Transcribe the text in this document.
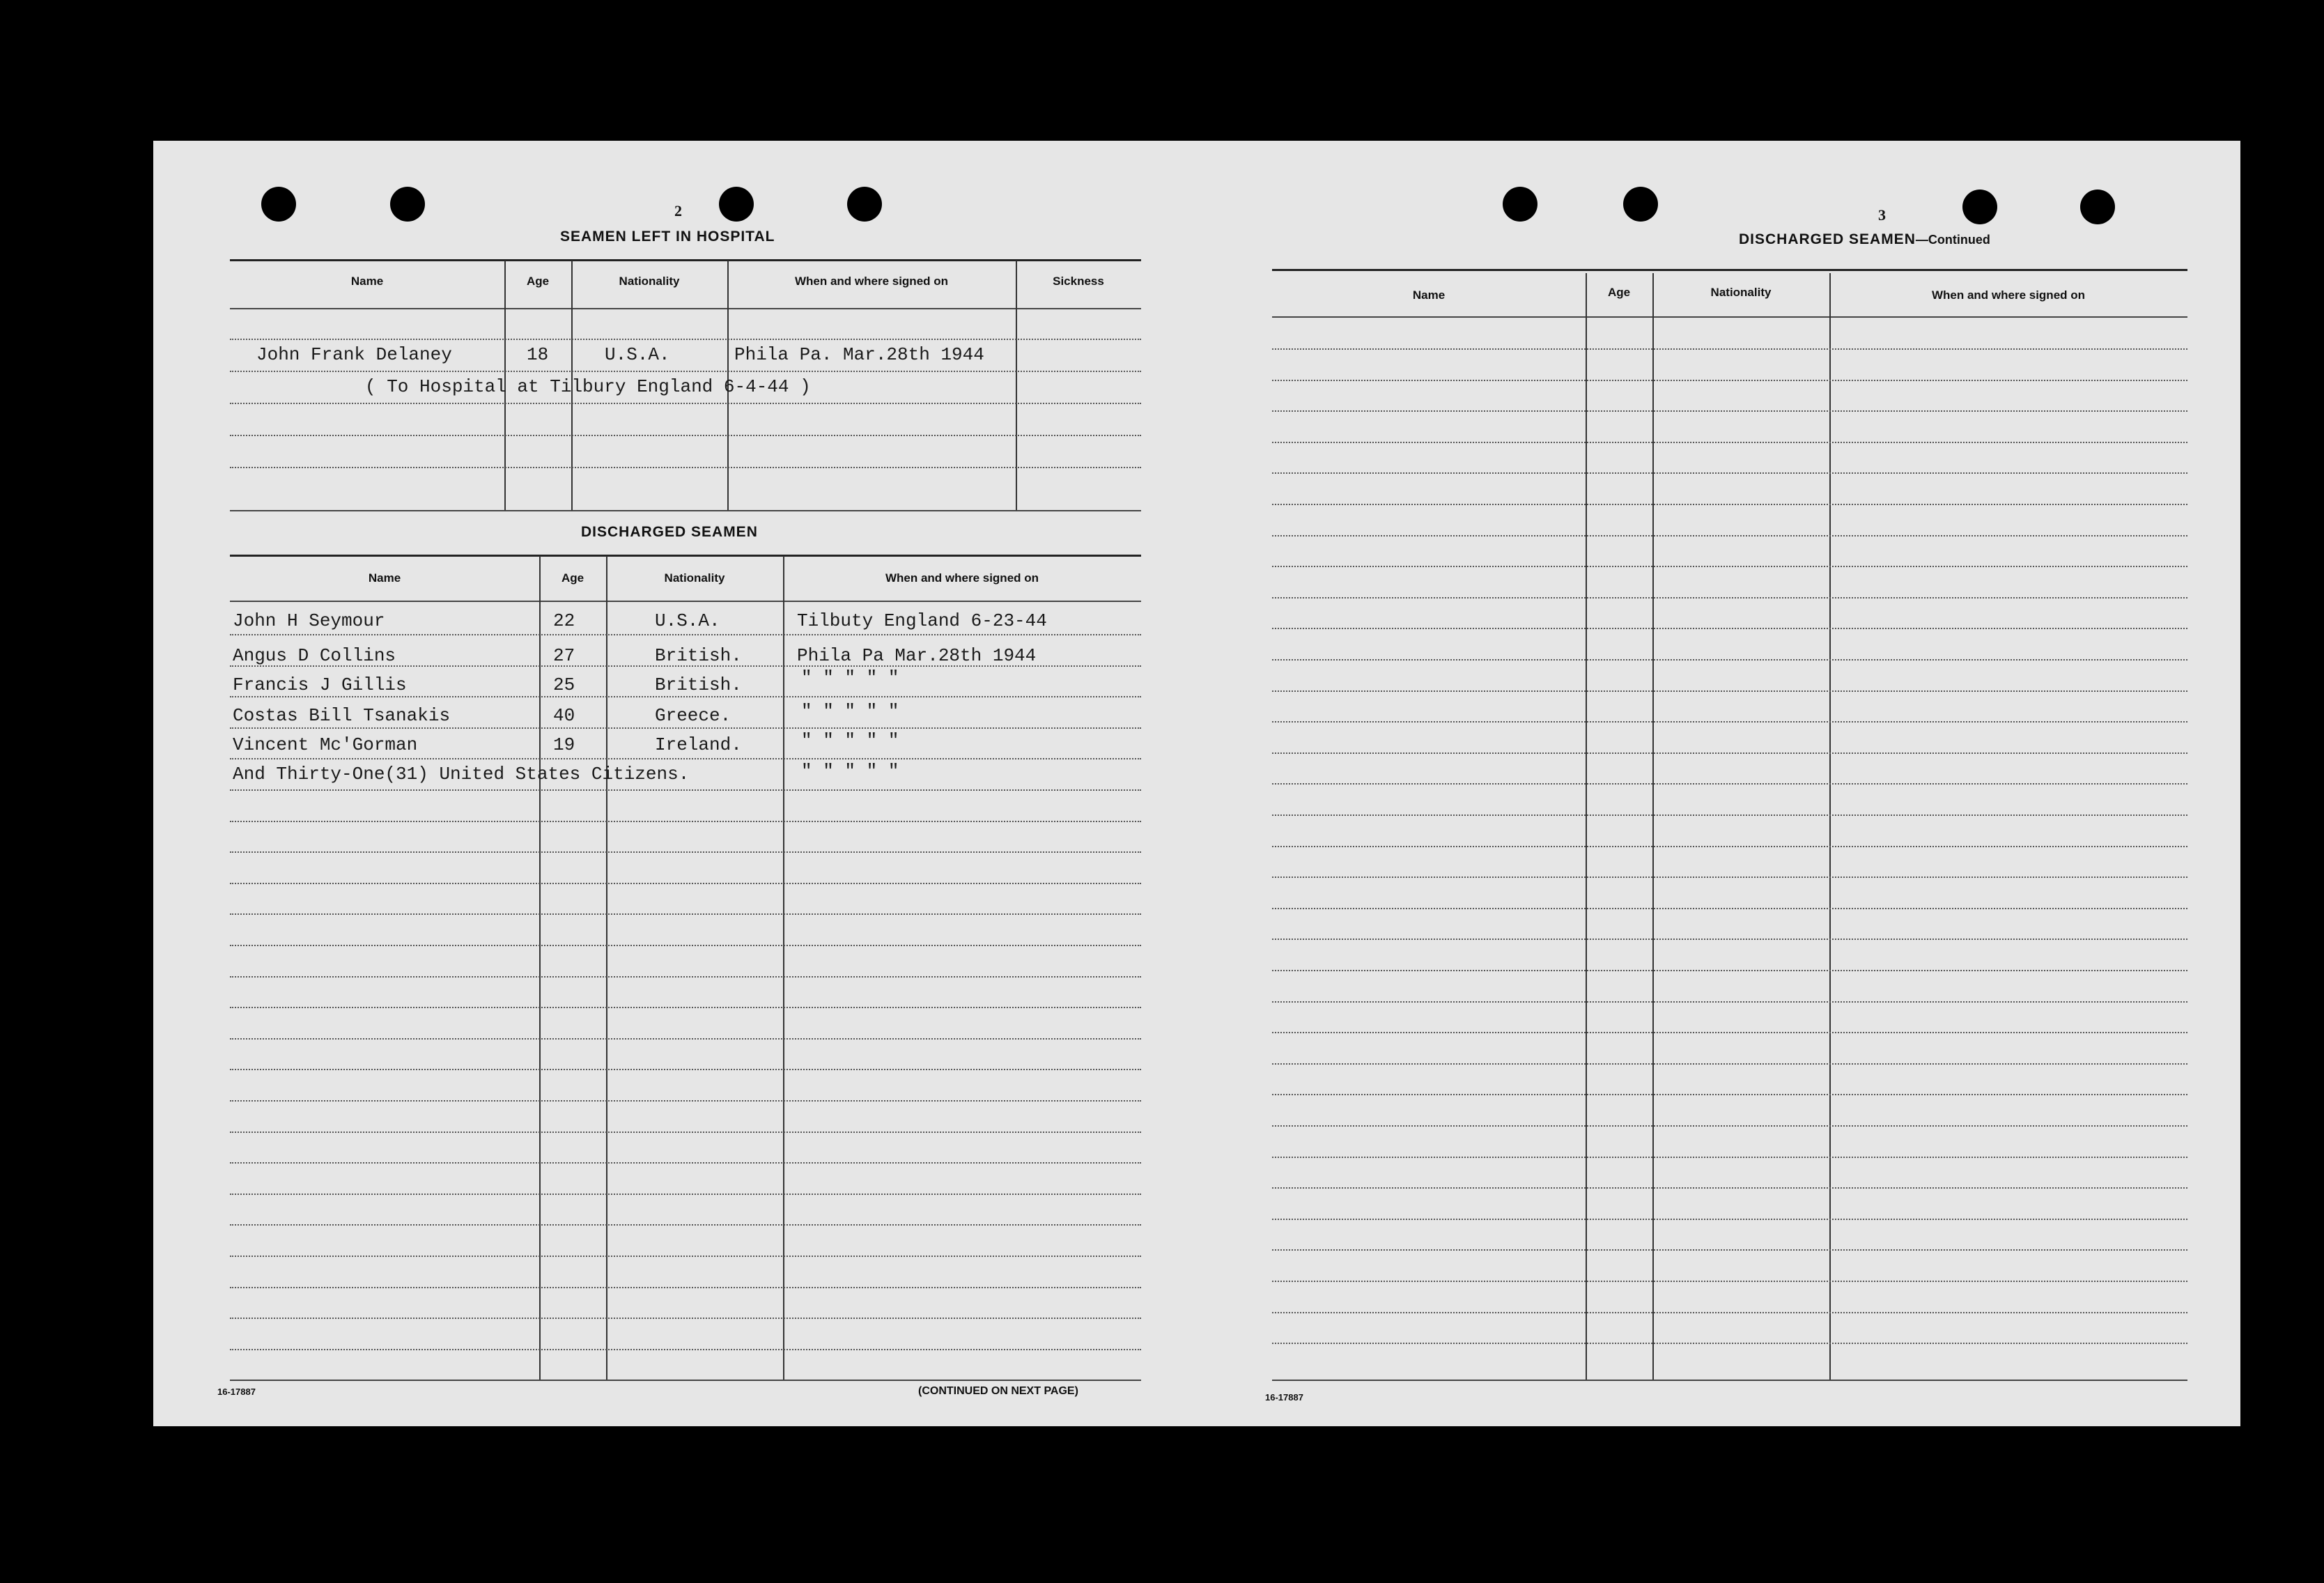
2
SEAMEN LEFT IN HOSPITAL
Name	Age	Nationality	When and where signed on	Sickness
John Frank Delaney	18	U.S.A.	Phila Pa. Mar.28th 1944
( To Hospital at Tilbury England 6-4-44 )
DISCHARGED SEAMEN
Name	Age	Nationality	When and where signed on
John H Seymour	22	U.S.A.	Tilbuty England 6-23-44
Angus D Collins	27	British.	Phila Pa Mar.28th 1944
Francis J Gillis	25	British.	" " " " "
Costas Bill Tsanakis	40	Greece.	" " " " "
Vincent Mc'Gorman	19	Ireland.	" " " " "
And Thirty-One(31) United States Citizens.	" " " " "
16-17887	(CONTINUED ON NEXT PAGE)
3
DISCHARGED SEAMEN—Continued
Name	Age	Nationality	When and where signed on
16-17887
